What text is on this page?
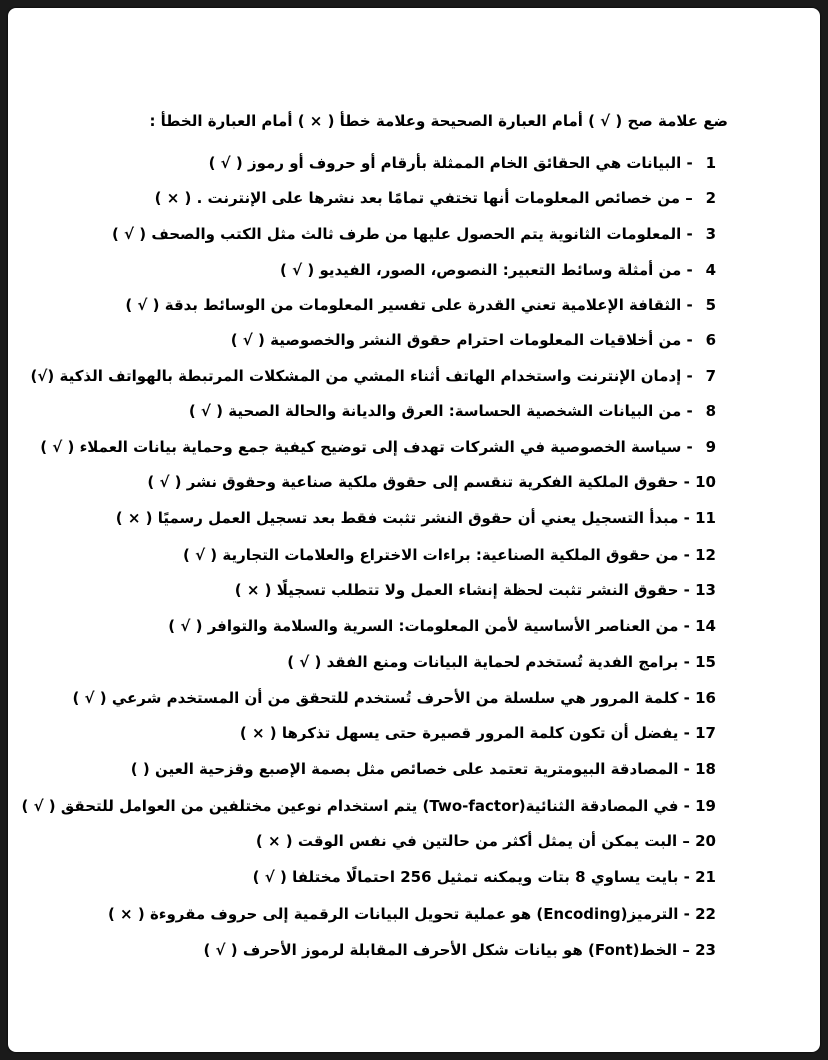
ضع علامة صح ( √ ) أمام العبارة الصحيحة وعلامة خطأ ( × ) أمام العبارة الخطأ :
1 - البيانات هي الحقائق الخام الممثلة بأرقام أو حروف أو رموز ( √ )
2 – من خصائص المعلومات أنها تختفي تمامًا بعد نشرها على الإنترنت . ( × )
3 - المعلومات الثانوية يتم الحصول عليها من طرف ثالث مثل الكتب والصحف ( √ )
4 - من أمثلة وسائط التعبير: النصوص، الصور، الفيديو ( √ )
5 - الثقافة الإعلامية تعني القدرة على تفسير المعلومات من الوسائط بدقة ( √ )
6 - من أخلاقيات المعلومات احترام حقوق النشر والخصوصية ( √ )
7 - إدمان الإنترنت واستخدام الهاتف أثناء المشي من المشكلات المرتبطة بالهواتف الذكية (√)
8 - من البيانات الشخصية الحساسة: العرق والديانة والحالة الصحية ( √ )
9 - سياسة الخصوصية في الشركات تهدف إلى توضيح كيفية جمع وحماية بيانات العملاء ( √ )
10 - حقوق الملكية الفكرية تنقسم إلى حقوق ملكية صناعية وحقوق نشر ( √ )
11 - مبدأ التسجيل يعني أن حقوق النشر تثبت فقط بعد تسجيل العمل رسميًا ( × )
12 - من حقوق الملكية الصناعية: براءات الاختراع والعلامات التجارية ( √ )
13 - حقوق النشر تثبت لحظة إنشاء العمل ولا تتطلب تسجيلًا ( × )
14 - من العناصر الأساسية لأمن المعلومات: السرية والسلامة والتوافر ( √ )
15 - برامج الفدية تُستخدم لحماية البيانات ومنع الفقد ( √ )
16 - كلمة المرور هي سلسلة من الأحرف تُستخدم للتحقق من أن المستخدم شرعي ( √ )
17 - يفضل أن تكون كلمة المرور قصيرة حتى يسهل تذكرها ( × )
18 - المصادقة البيومترية تعتمد على خصائص مثل بصمة الإصبع وقزحية العين ( )
19 - في المصادقة الثنائية(Two-factor) يتم استخدام نوعين مختلفين من العوامل للتحقق ( √ )
20 – البت يمكن أن يمثل أكثر من حالتين في نفس الوقت ( × )
21 - بايت يساوي 8 بتات ويمكنه تمثيل 256 احتمالًا مختلفا ( √ )
22 - الترميز(Encoding) هو عملية تحويل البيانات الرقمية إلى حروف مقروءة ( × )
23 – الخط(Font) هو بيانات شكل الأحرف المقابلة لرموز الأحرف ( √ )
